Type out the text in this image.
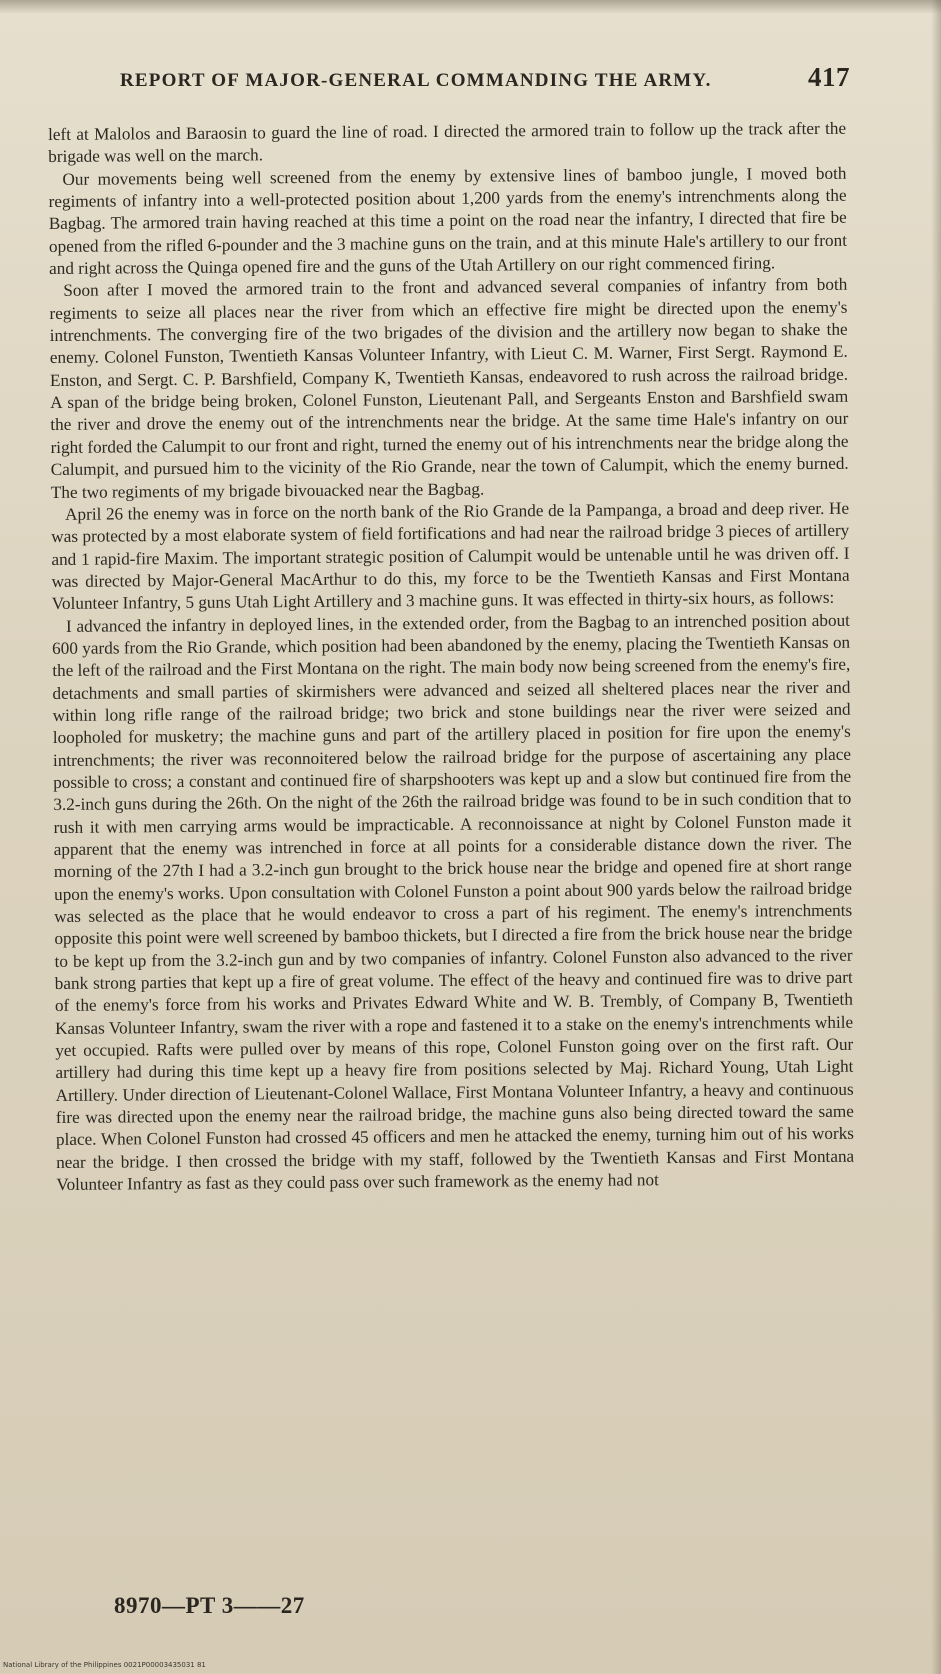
REPORT OF MAJOR-GENERAL COMMANDING THE ARMY.	417

left at Malolos and Baraosin to guard the line of road. I directed the armored train to follow up the track after the brigade was well on the march.

Our movements being well screened from the enemy by extensive lines of bamboo jungle, I moved both regiments of infantry into a well-protected position about 1,200 yards from the enemy's intrenchments along the Bagbag. The armored train having reached at this time a point on the road near the infantry, I directed that fire be opened from the rifled 6-pounder and the 3 machine guns on the train, and at this minute Hale's artillery to our front and right across the Quinga opened fire and the guns of the Utah Artillery on our right commenced firing.

Soon after I moved the armored train to the front and advanced several companies of infantry from both regiments to seize all places near the river from which an effective fire might be directed upon the enemy's intrenchments. The converging fire of the two brigades of the division and the artillery now began to shake the enemy. Colonel Funston, Twentieth Kansas Volunteer Infantry, with Lieut C. M. Warner, First Sergt. Raymond E. Enston, and Sergt. C. P. Barshfield, Company K, Twentieth Kansas, endeavored to rush across the railroad bridge. A span of the bridge being broken, Colonel Funston, Lieutenant Pall, and Sergeants Enston and Barshfield swam the river and drove the enemy out of the intrenchments near the bridge. At the same time Hale's infantry on our right forded the Calumpit to our front and right, turned the enemy out of his intrenchments near the bridge along the Calumpit, and pursued him to the vicinity of the Rio Grande, near the town of Calumpit, which the enemy burned. The two regiments of my brigade bivouacked near the Bagbag.

April 26 the enemy was in force on the north bank of the Rio Grande de la Pampanga, a broad and deep river. He was protected by a most elaborate system of field fortifications and had near the railroad bridge 3 pieces of artillery and 1 rapid-fire Maxim. The important strategic position of Calumpit would be untenable until he was driven off. I was directed by Major-General MacArthur to do this, my force to be the Twentieth Kansas and First Montana Volunteer Infantry, 5 guns Utah Light Artillery and 3 machine guns. It was effected in thirty-six hours, as follows:

I advanced the infantry in deployed lines, in the extended order, from the Bagbag to an intrenched position about 600 yards from the Rio Grande, which position had been abandoned by the enemy, placing the Twentieth Kansas on the left of the railroad and the First Montana on the right. The main body now being screened from the enemy's fire, detachments and small parties of skirmishers were advanced and seized all sheltered places near the river and within long rifle range of the railroad bridge; two brick and stone buildings near the river were seized and loopholed for musketry; the machine guns and part of the artillery placed in position for fire upon the enemy's intrenchments; the river was reconnoitered below the railroad bridge for the purpose of ascertaining any place possible to cross; a constant and continued fire of sharpshooters was kept up and a slow but continued fire from the 3.2-inch guns during the 26th. On the night of the 26th the railroad bridge was found to be in such condition that to rush it with men carrying arms would be impracticable. A reconnoissance at night by Colonel Funston made it apparent that the enemy was intrenched in force at all points for a considerable distance down the river. The morning of the 27th I had a 3.2-inch gun brought to the brick house near the bridge and opened fire at short range upon the enemy's works. Upon consultation with Colonel Funston a point about 900 yards below the railroad bridge was selected as the place that he would endeavor to cross a part of his regiment. The enemy's intrenchments opposite this point were well screened by bamboo thickets, but I directed a fire from the brick house near the bridge to be kept up from the 3.2-inch gun and by two companies of infantry. Colonel Funston also advanced to the river bank strong parties that kept up a fire of great volume. The effect of the heavy and continued fire was to drive part of the enemy's force from his works and Privates Edward White and W. B. Trembly, of Company B, Twentieth Kansas Volunteer Infantry, swam the river with a rope and fastened it to a stake on the enemy's intrenchments while yet occupied. Rafts were pulled over by means of this rope, Colonel Funston going over on the first raft. Our artillery had during this time kept up a heavy fire from positions selected by Maj. Richard Young, Utah Light Artillery. Under direction of Lieutenant-Colonel Wallace, First Montana Volunteer Infantry, a heavy and continuous fire was directed upon the enemy near the railroad bridge, the machine guns also being directed toward the same place. When Colonel Funston had crossed 45 officers and men he attacked the enemy, turning him out of his works near the bridge. I then crossed the bridge with my staff, followed by the Twentieth Kansas and First Montana Volunteer Infantry as fast as they could pass over such framework as the enemy had not

8970—PT 3——27
National Library of the Philippines 0021P00003435031 81
